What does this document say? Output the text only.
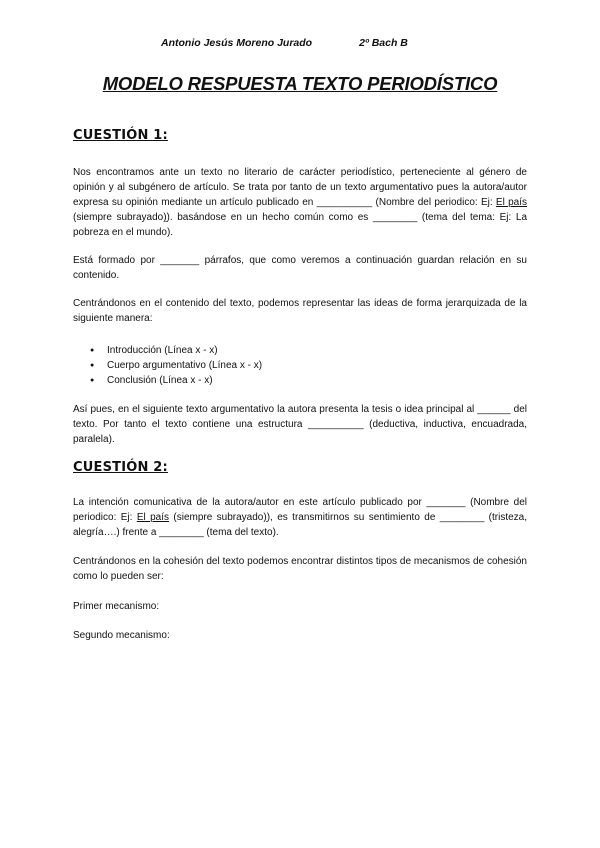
Antonio Jesús Moreno Jurado	2º Bach B
MODELO RESPUESTA TEXTO PERIODÍSTICO
CUESTIÓN 1:

Nos encontramos ante un texto no literario de carácter periodístico, perteneciente al género de opinión y al subgénero de artículo. Se trata por tanto de un texto argumentativo pues la autora/autor expresa su opinión mediante un artículo publicado en __________ (Nombre del periodico: Ej: El país (siempre subrayado)). basándose en un hecho común como es ________ (tema del tema: Ej: La pobreza en el mundo).

Está formado por _______ párrafos, que como veremos a continuación guardan relación en su contenido.

Centrándonos en el contenido del texto, podemos representar las ideas de forma jerarquizada de la siguiente manera:

● Introducción (Línea x - x)
● Cuerpo argumentativo (Línea x - x)
● Conclusión (Línea x - x)

Así pues, en el siguiente texto argumentativo la autora presenta la tesis o idea principal al ______ del texto. Por tanto el texto contiene una estructura __________ (deductiva, inductiva, encuadrada, paralela).

CUESTIÓN 2:

La intención comunicativa de la autora/autor en este artículo publicado por _______ (Nombre del periodico: Ej: El país (siempre subrayado)), es transmitirnos su sentimiento de ________ (tristeza, alegría….) frente a ________ (tema del texto).

Centrándonos en la cohesión del texto podemos encontrar distintos tipos de mecanismos de cohesión como lo pueden ser:

Primer mecanismo:
Segundo mecanismo:
